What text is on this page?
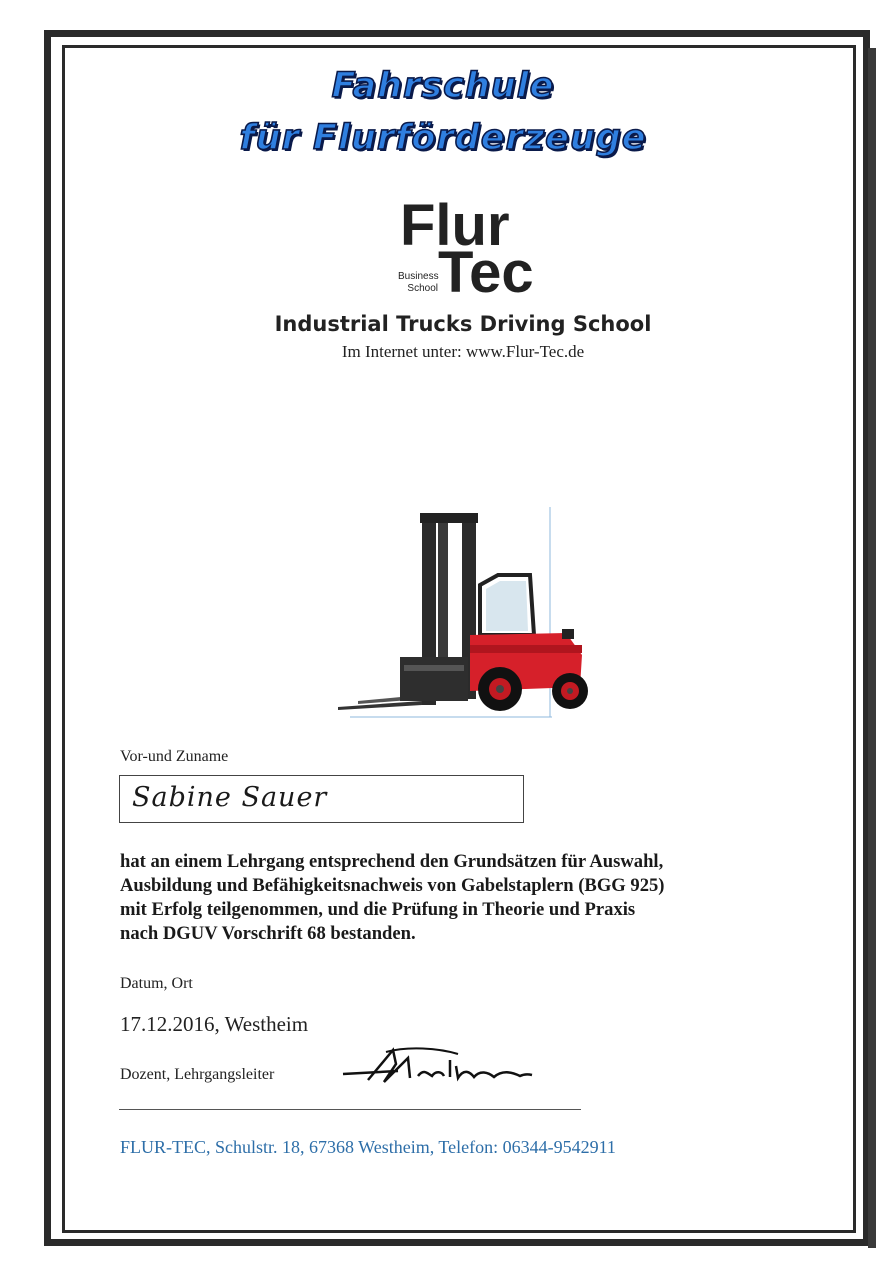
Fahrschule
für Flurförderzeuge
Flur
Tec
Business
School
Industrial Trucks Driving School
Im Internet unter: www.Flur-Tec.de
Vor-und Zuname
Sabine Sauer
hat an einem Lehrgang entsprechend den Grundsätzen für Auswahl,
Ausbildung und Befähigkeitsnachweis von Gabelstaplern (BGG 925)
mit Erfolg teilgenommen, und die Prüfung in Theorie und Praxis
nach DGUV Vorschrift 68 bestanden.
Datum, Ort
17.12.2016, Westheim
Dozent, Lehrgangsleiter
FLUR-TEC, Schulstr. 18, 67368 Westheim, Telefon: 06344-9542911
